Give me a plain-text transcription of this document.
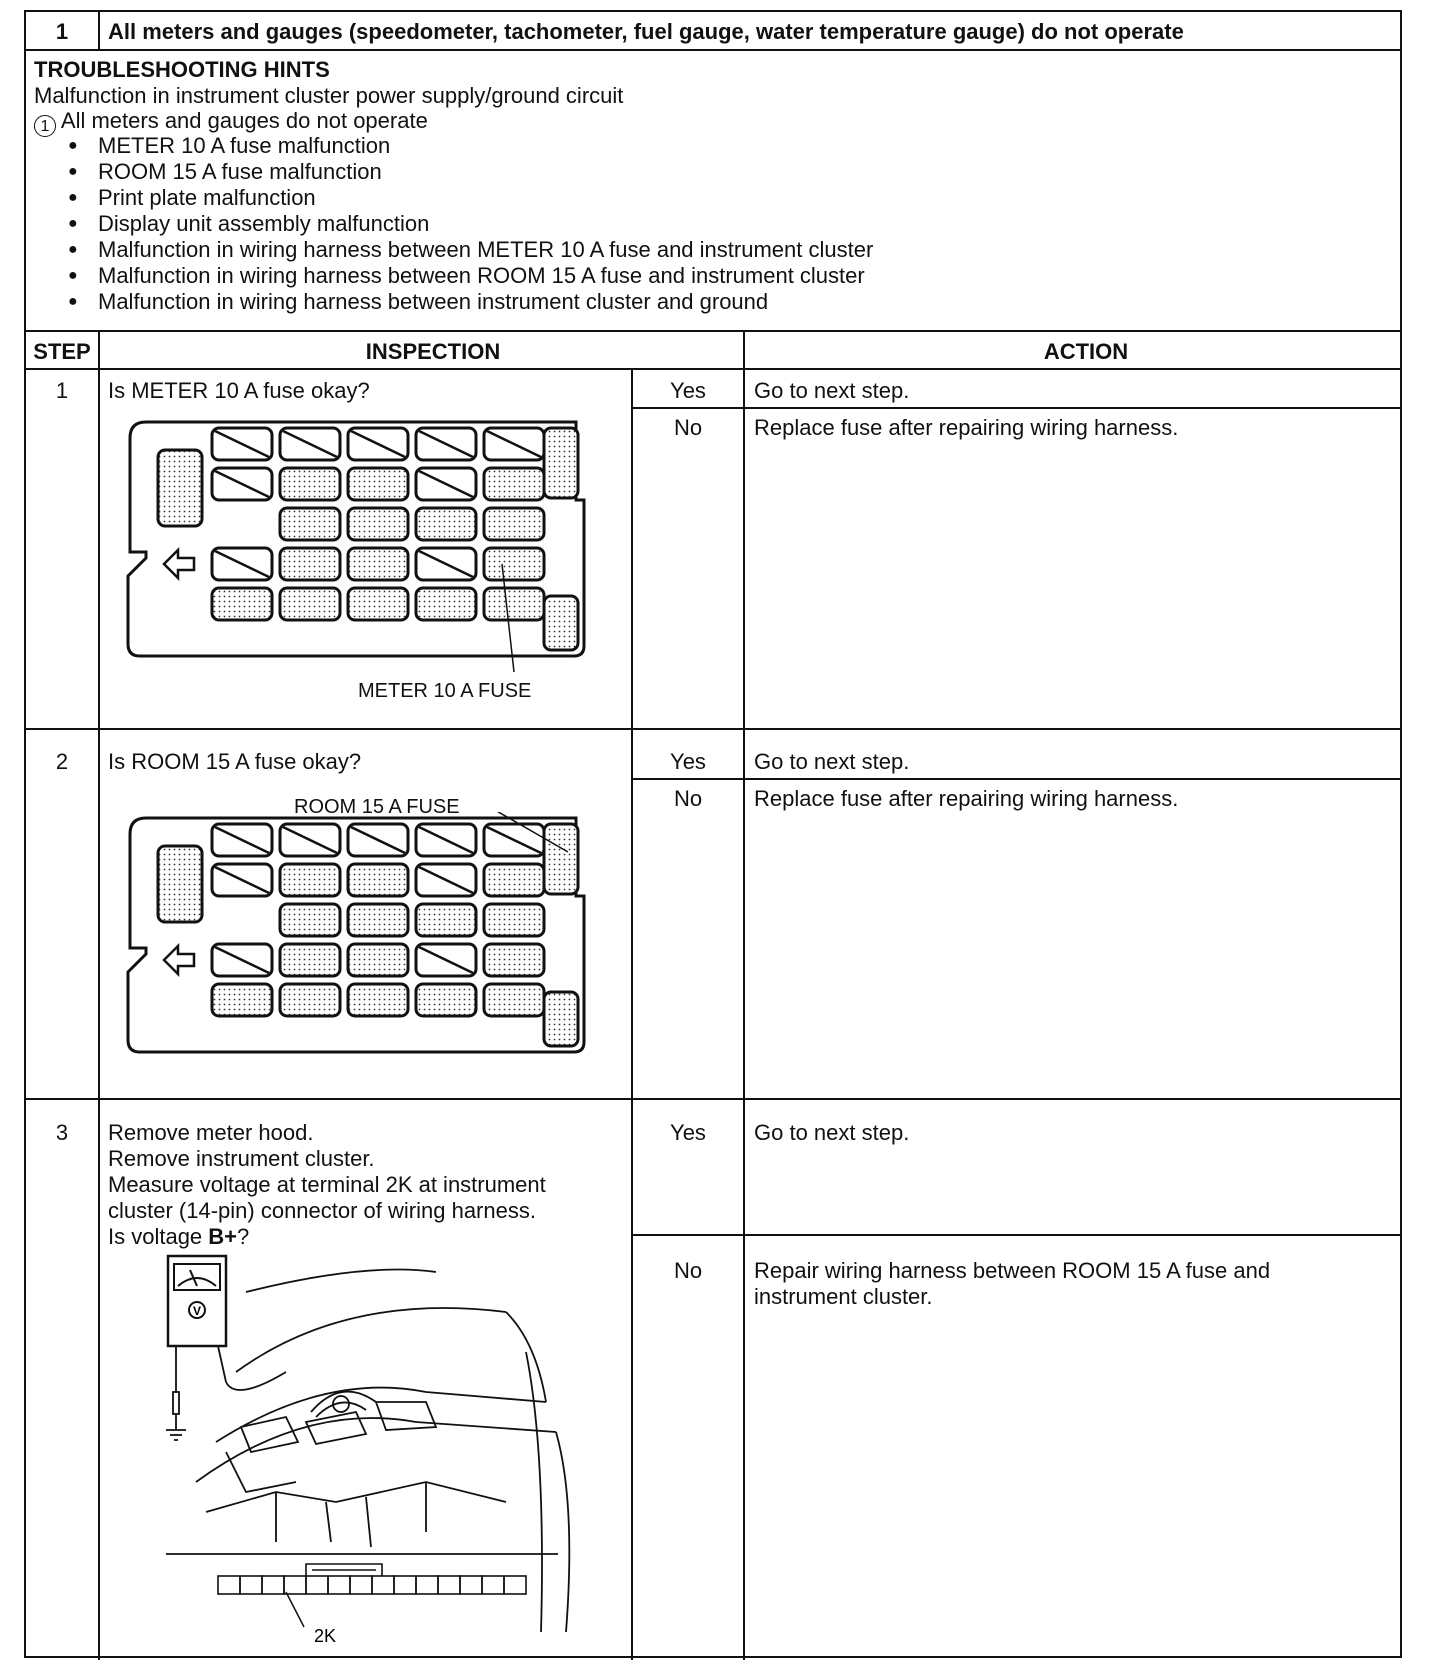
1	All meters and gauges (speedometer, tachometer, fuel gauge, water temperature gauge) do not operate
TROUBLESHOOTING HINTS
Malfunction in instrument cluster power supply/ground circuit
1 All meters and gauges do not operate
● METER 10 A fuse malfunction
● ROOM 15 A fuse malfunction
● Print plate malfunction
● Display unit assembly malfunction
● Malfunction in wiring harness between METER 10 A fuse and instrument cluster
● Malfunction in wiring harness between ROOM 15 A fuse and instrument cluster
● Malfunction in wiring harness between instrument cluster and ground
STEP	INSPECTION	ACTION
1	Is METER 10 A fuse okay?	Yes	Go to next step.
No	Replace fuse after repairing wiring harness.
METER 10 A FUSE
2	Is ROOM 15 A fuse okay?	Yes	Go to next step.
No	Replace fuse after repairing wiring harness.
ROOM 15 A FUSE
3	Remove meter hood.
Remove instrument cluster.
Measure voltage at terminal 2K at instrument
cluster (14-pin) connector of wiring harness.
Is voltage B+?
Yes	Go to next step.
No	Repair wiring harness between ROOM 15 A fuse and
instrument cluster.
V
2K
